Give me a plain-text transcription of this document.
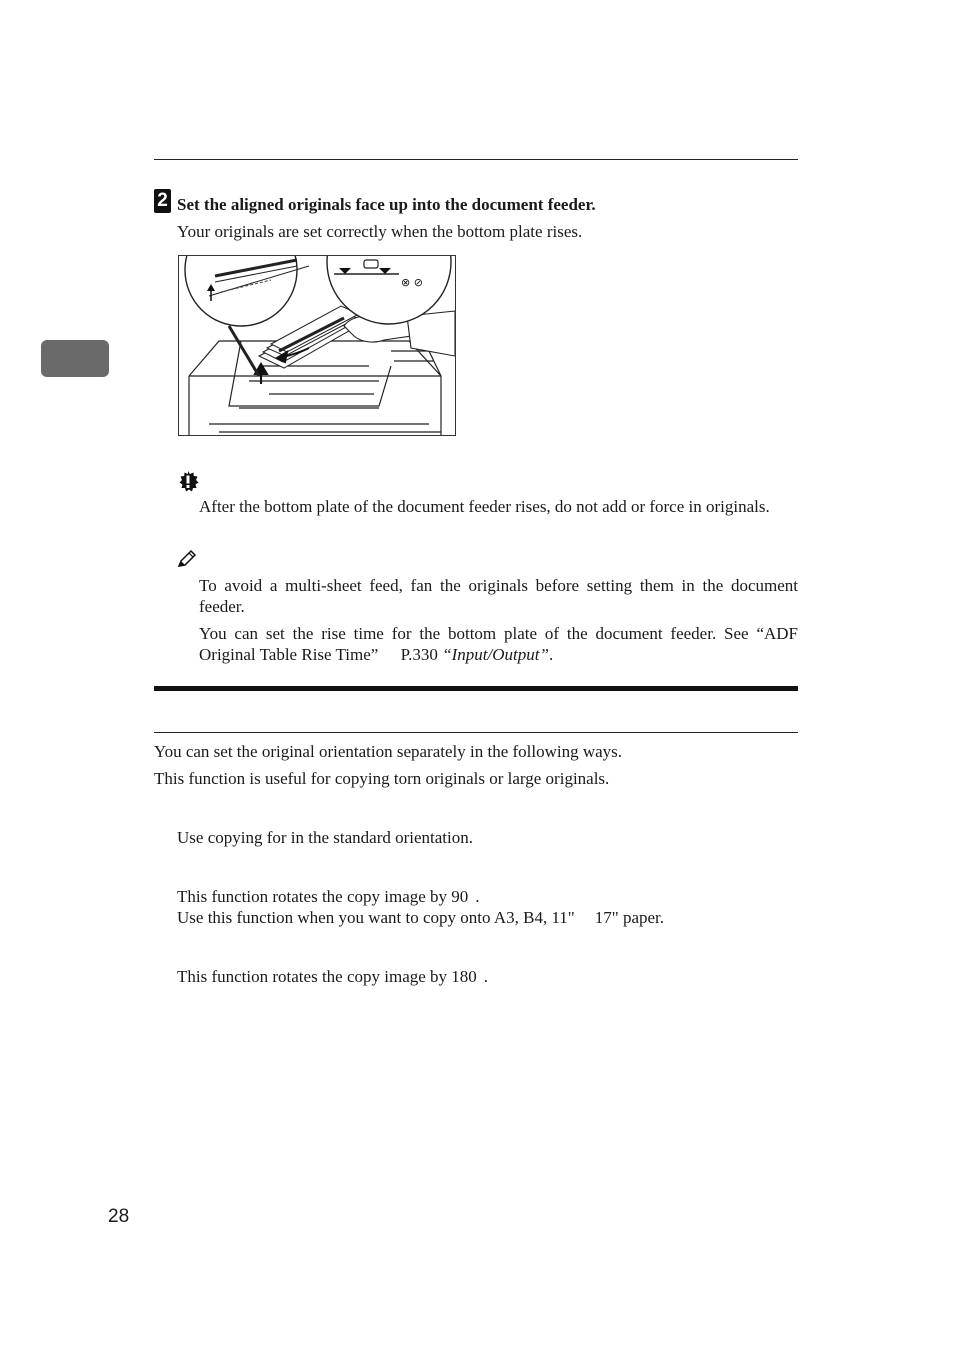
2 Set the aligned originals face up into the document feeder.
Your originals are set correctly when the bottom plate rises.
⊗ ⊘
After the bottom plate of the document feeder rises, do not add or force in originals.
To avoid a multi-sheet feed, fan the originals before setting them in the document feeder.
You can set the rise time for the bottom plate of the document feeder. See “ADF Original Table Rise Time” P.330 “Input/Output”.
You can set the original orientation separately in the following ways.
This function is useful for copying torn originals or large originals.
Use copying for in the standard orientation.
This function rotates the copy image by 90 .
Use this function when you want to copy onto A3, B4, 11" 17" paper.
This function rotates the copy image by 180 .
28
